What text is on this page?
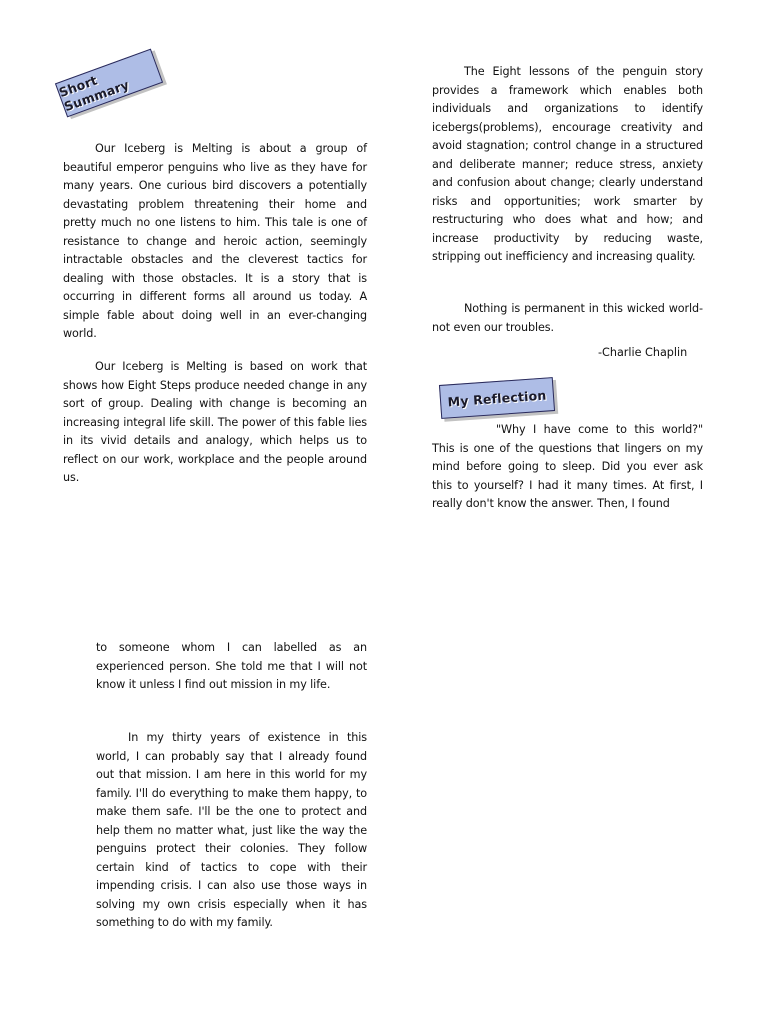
Short Summary

Our Iceberg is Melting is about a group of beautiful emperor penguins who live as they have for many years. One curious bird discovers a potentially devastating problem threatening their home and pretty much no one listens to him. This tale is one of resistance to change and heroic action, seemingly intractable obstacles and the cleverest tactics for dealing with those obstacles. It is a story that is occurring in different forms all around us today. A simple fable about doing well in an ever-changing world.

Our Iceberg is Melting is based on work that shows how Eight Steps produce needed change in any sort of group. Dealing with change is becoming an increasing integral life skill. The power of this fable lies in its vivid details and analogy, which helps us to reflect on our work, workplace and the people around us.

to someone whom I can labelled as an experienced person. She told me that I will not know it unless I find out mission in my life.

In my thirty years of existence in this world, I can probably say that I already found out that mission. I am here in this world for my family. I'll do everything to make them happy, to make them safe. I'll be the one to protect and help them no matter what, just like the way the penguins protect their colonies. They follow certain kind of tactics to cope with their impending crisis. I can also use those ways in solving my own crisis especially when it has something to do with my family.

The Eight lessons of the penguin story provides a framework which enables both individuals and organizations to identify icebergs(problems), encourage creativity and avoid stagnation; control change in a structured and deliberate manner; reduce stress, anxiety and confusion about change; clearly understand risks and opportunities; work smarter by restructuring who does what and how; and increase productivity by reducing waste, stripping out inefficiency and increasing quality.

Nothing is permanent in this wicked world- not even our troubles.

-Charlie Chaplin

My Reflection

"Why I have come to this world?" This is one of the questions that lingers on my mind before going to sleep. Did you ever ask this to yourself? I had it many times. At first, I really don't know the answer. Then, I found
